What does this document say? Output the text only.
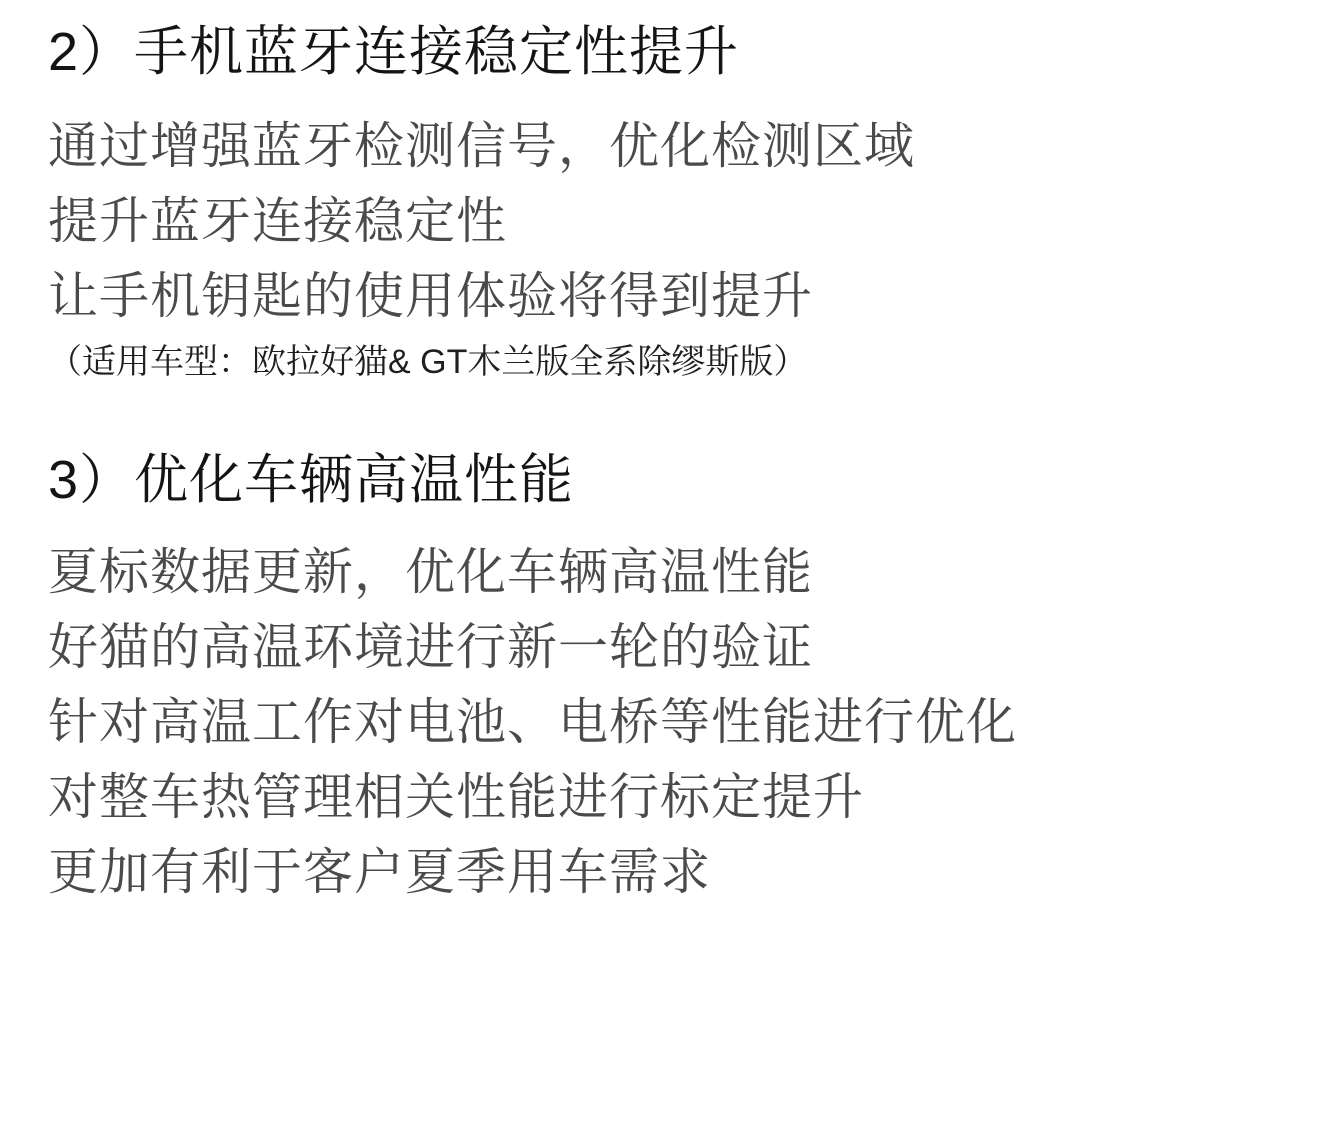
2）手机蓝牙连接稳定性提升

通过增强蓝牙检测信号，优化检测区域

提升蓝牙连接稳定性

让手机钥匙的使用体验将得到提升

（适用车型：欧拉好猫& GT木兰版全系除缪斯版）

3）优化车辆高温性能

夏标数据更新，优化车辆高温性能

好猫的高温环境进行新一轮的验证

针对高温工作对电池、电桥等性能进行优化

对整车热管理相关性能进行标定提升

更加有利于客户夏季用车需求
